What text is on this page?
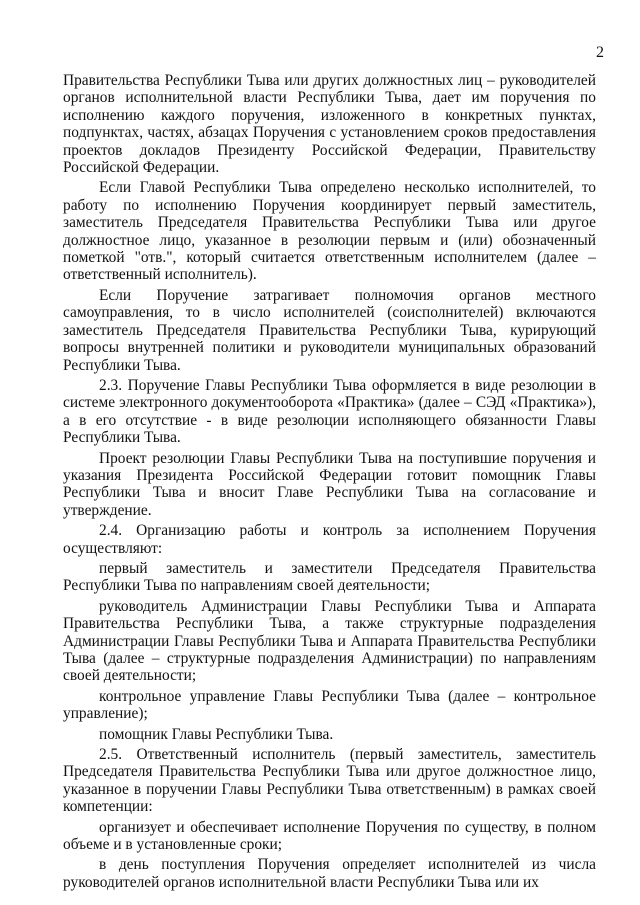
2

Правительства Республики Тыва или других должностных лиц – руководителей органов исполнительной власти Республики Тыва, дает им поручения по исполнению каждого поручения, изложенного в конкретных пунктах, подпунктах, частях, абзацах Поручения с установлением сроков предоставления проектов докладов Президенту Российской Федерации, Правительству Российской Федерации.

Если Главой Республики Тыва определено несколько исполнителей, то работу по исполнению Поручения координирует первый заместитель, заместитель Председателя Правительства Республики Тыва или другое должностное лицо, указанное в резолюции первым и (или) обозначенный пометкой "отв.", который считается ответственным исполнителем (далее – ответственный исполнитель).

Если Поручение затрагивает полномочия органов местного самоуправления, то в число исполнителей (соисполнителей) включаются заместитель Председателя Правительства Республики Тыва, курирующий вопросы внутренней политики и руководители муниципальных образований Республики Тыва.

2.3. Поручение Главы Республики Тыва оформляется в виде резолюции в системе электронного документооборота «Практика» (далее – СЭД «Практика»), а в его отсутствие - в виде резолюции исполняющего обязанности Главы Республики Тыва.

Проект резолюции Главы Республики Тыва на поступившие поручения и указания Президента Российской Федерации готовит помощник Главы Республики Тыва и вносит Главе Республики Тыва на согласование и утверждение.

2.4. Организацию работы и контроль за исполнением Поручения осуществляют:

первый заместитель и заместители Председателя Правительства Республики Тыва по направлениям своей деятельности;

руководитель Администрации Главы Республики Тыва и Аппарата Правительства Республики Тыва, а также структурные подразделения Администрации Главы Республики Тыва и Аппарата Правительства Республики Тыва (далее – структурные подразделения Администрации) по направлениям своей деятельности;

контрольное управление Главы Республики Тыва (далее – контрольное управление);

помощник Главы Республики Тыва.

2.5. Ответственный исполнитель (первый заместитель, заместитель Председателя Правительства Республики Тыва или другое должностное лицо, указанное в поручении Главы Республики Тыва ответственным) в рамках своей компетенции:

организует и обеспечивает исполнение Поручения по существу, в полном объеме и в установленные сроки;

в день поступления Поручения определяет исполнителей из числа руководителей органов исполнительной власти Республики Тыва или их
